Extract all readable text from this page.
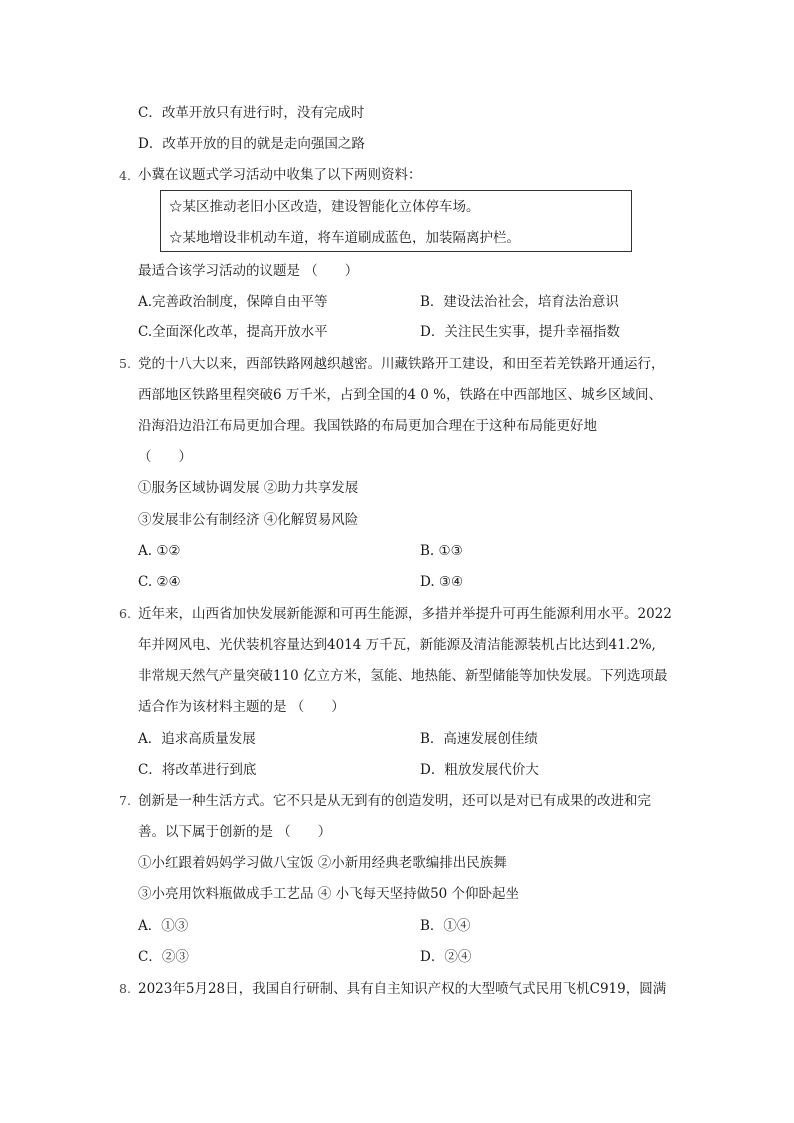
C．改革开放只有进行时，没有完成时
D．改革开放的目的就是走向强国之路
4. 小冀在议题式学习活动中收集了以下两则资料：
☆某区推动老旧小区改造，建设智能化立体停车场。
☆某地增设非机动车道，将车道刷成蓝色，加装隔离护栏。
最适合该学习活动的议题是 （　　）
A.完善政治制度，保障自由平等	B．建设法治社会，培育法治意识
C.全面深化改革，提高开放水平	D．关注民生实事，提升幸福指数
5. 党的十八大以来，西部铁路网越织越密。川藏铁路开工建设，和田至若羌铁路开通运行，
西部地区铁路里程突破6 万千米，占到全国的4 0 %，铁路在中西部地区、城乡区域间、
沿海沿边沿江布局更加合理。我国铁路的布局更加合理在于这种布局能更好地
（　　）
①服务区域协调发展 ②助力共享发展
③发展非公有制经济 ④化解贸易风险
A. ①②	B. ①③
C. ②④	D. ③④
6. 近年来，山西省加快发展新能源和可再生能源，多措并举提升可再生能源利用水平。2022
年并网风电、光伏装机容量达到4014 万千瓦，新能源及清洁能源装机占比达到41.2%,
非常规天然气产量突破110 亿立方米，氢能、地热能、新型储能等加快发展。下列选项最
适合作为该材料主题的是 （　　）
A．追求高质量发展	B．高速发展创佳绩
C．将改革进行到底	D．粗放发展代价大
7. 创新是一种生活方式。它不只是从无到有的创造发明，还可以是对已有成果的改进和完
善。以下属于创新的是 （　　）
①小红跟着妈妈学习做八宝饭 ②小新用经典老歌编排出民族舞
③小亮用饮料瓶做成手工艺品 ④ 小飞每天坚持做50 个仰卧起坐
A．①③	B．①④
C．②③	D．②④
8. 2023年5月28日，我国自行研制、具有自主知识产权的大型喷气式民用飞机C919，圆满
